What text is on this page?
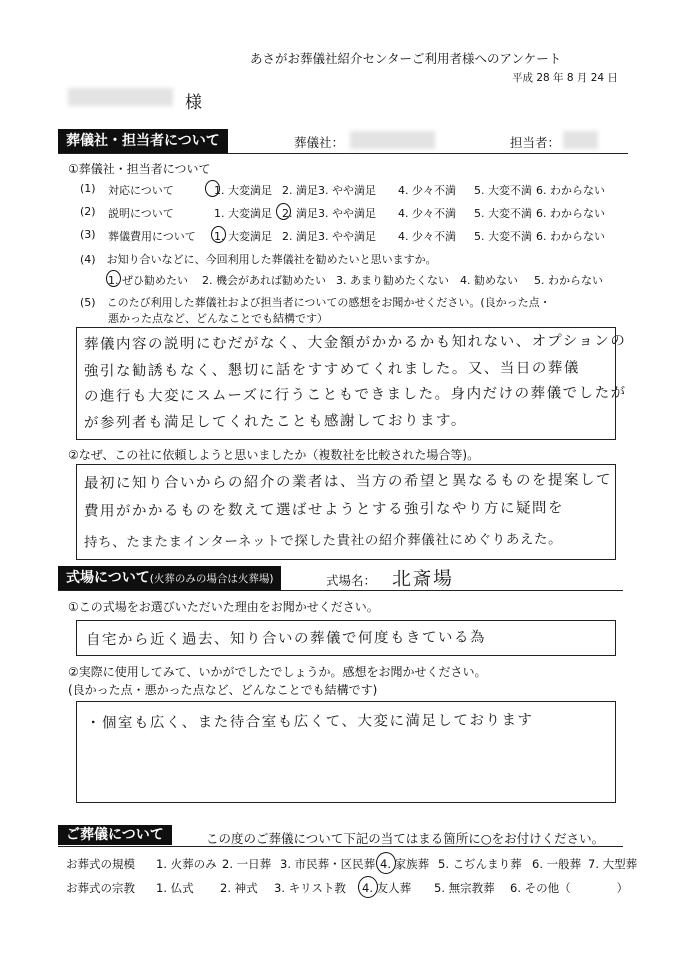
あさがお葬儀社紹介センターご利用者様へのアンケート
平成 28 年 8 月 24 日
様
葬儀社・担当者について	葬儀社：	担当者：
①葬儀社・担当者について
(1) 対応について	1. 大変満足 2. 満足 3. やや満足 4. 少々不満 5. 大変不満 6. わからない
(2) 説明について	1. 大変満足 2. 満足 3. やや満足 4. 少々不満 5. 大変不満 6. わからない
(3) 葬儀費用について 1. 大変満足 2. 満足 3. やや満足 4. 少々不満 5. 大変不満 6. わからない
(4)　お知り合いなどに、今回利用した葬儀社を勧めたいと思いますか。
1. ぜひ勧めたい 2. 機会があれば勧めたい 3. あまり勧めたくない 4. 勧めない 5. わからない
(5)　このたび利用した葬儀社および担当者についての感想をお聞かせください。(良かった点・
悪かった点など、どんなことでも結構です）
葬儀内容の説明にむだがなく、大金額がかかるかも知れない、オプションの
強引な勧誘もなく、懇切に話をすすめてくれました。又、当日の葬儀
の進行も大変にスムーズに行うこともできました。身内だけの葬儀でしたが
が参列者も満足してくれたことも感謝しております。
②なぜ、この社に依頼しようと思いましたか（複数社を比較された場合等)。
最初に知り合いからの紹介の業者は、当方の希望と異なるものを提案して
費用がかかるものを数えて選ばせようとする強引なやり方に疑問を
持ち、たまたまインターネットで探した貴社の紹介葬儀社にめぐりあえた。
式場について(火葬のみの場合は火葬場)	式場名： 北斎場
①この式場をお選びいただいた理由をお聞かせください。
自宅から近く過去、知り合いの葬儀で何度もきている為
②実際に使用してみて、いかがでしたでしょうか。感想をお聞かせください。
(良かった点・悪かった点など、どんなことでも結構です)
・個室も広く、また待合室も広くて、大変に満足しております
ご葬儀について	この度のご葬儀について下記の当てはまる箇所に○をお付けください。
お葬式の規模 1. 火葬のみ 2. 一日葬 3. 市民葬・区民葬 4. 家族葬 5. こぢんまり葬 6. 一般葬 7. 大型葬
お葬式の宗教 1. 仏式 2. 神式 3. キリスト教 4. 友人葬 5. 無宗教葬 6. その他（　　　　）
